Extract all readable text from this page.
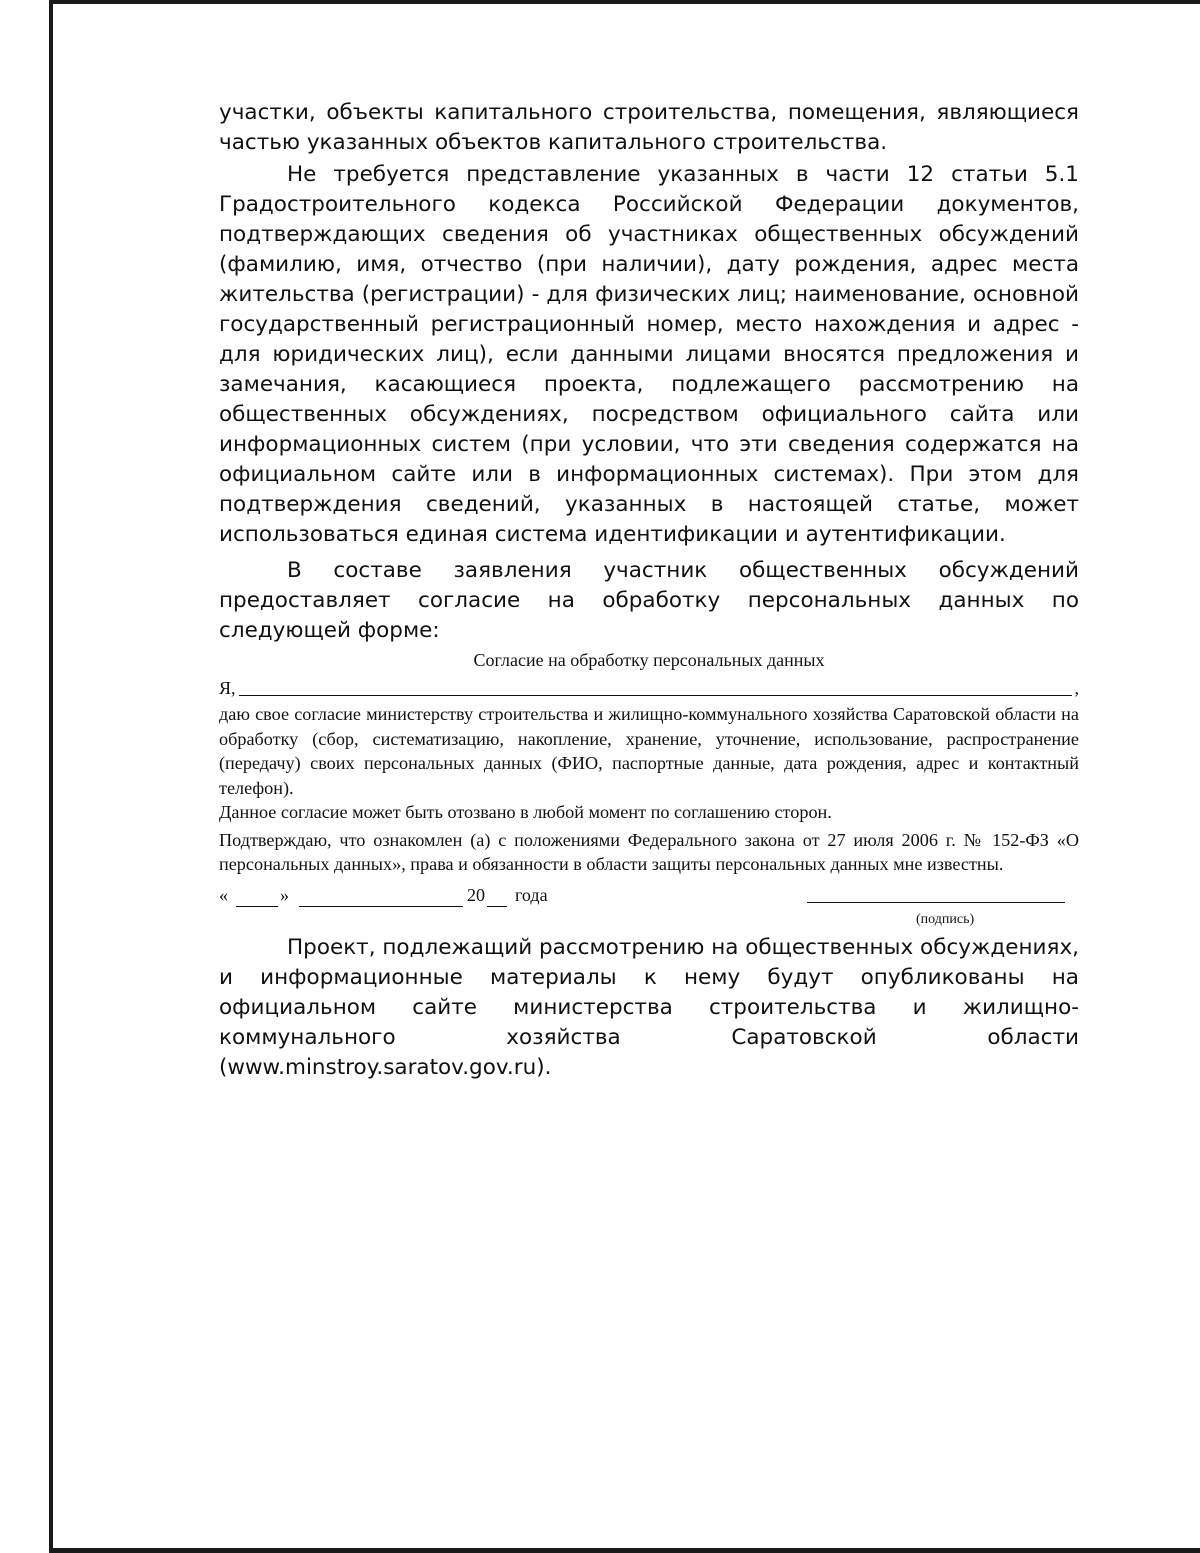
участки, объекты капитального строительства, помещения, являющиеся частью указанных объектов капитального строительства.

Не требуется представление указанных в части 12 статьи 5.1 Градостроительного кодекса Российской Федерации документов, подтверждающих сведения об участниках общественных обсуждений (фамилию, имя, отчество (при наличии), дату рождения, адрес места жительства (регистрации) - для физических лиц; наименование, основной государственный регистрационный номер, место нахождения и адрес - для юридических лиц), если данными лицами вносятся предложения и замечания, касающиеся проекта, подлежащего рассмотрению на общественных обсуждениях, посредством официального сайта или информационных систем (при условии, что эти сведения содержатся на официальном сайте или в информационных системах). При этом для подтверждения сведений, указанных в настоящей статье, может использоваться единая система идентификации и аутентификации.

В составе заявления участник общественных обсуждений предоставляет согласие на обработку персональных данных по следующей форме:

Согласие на обработку персональных данных

Я,	,

даю свое согласие министерству строительства и жилищно-коммунального хозяйства Саратовской области на обработку (сбор, систематизацию, накопление, хранение, уточнение, использование, распространение (передачу) своих персональных данных (ФИО, паспортные данные, дата рождения, адрес и контактный телефон).

Данное согласие может быть отозвано в любой момент по соглашению сторон.

Подтверждаю, что ознакомлен (а) с положениями Федерального закона от 27 июля 2006 г. № 152-ФЗ «О персональных данных», права и обязанности в области защиты персональных данных мне известны.

«	»	20 года
(подпись)

Проект, подлежащий рассмотрению на общественных обсуждениях, и информационные материалы к нему будут опубликованы на официальном сайте министерства строительства и жилищно-коммунального хозяйства Саратовской области (www.minstroy.saratov.gov.ru).
